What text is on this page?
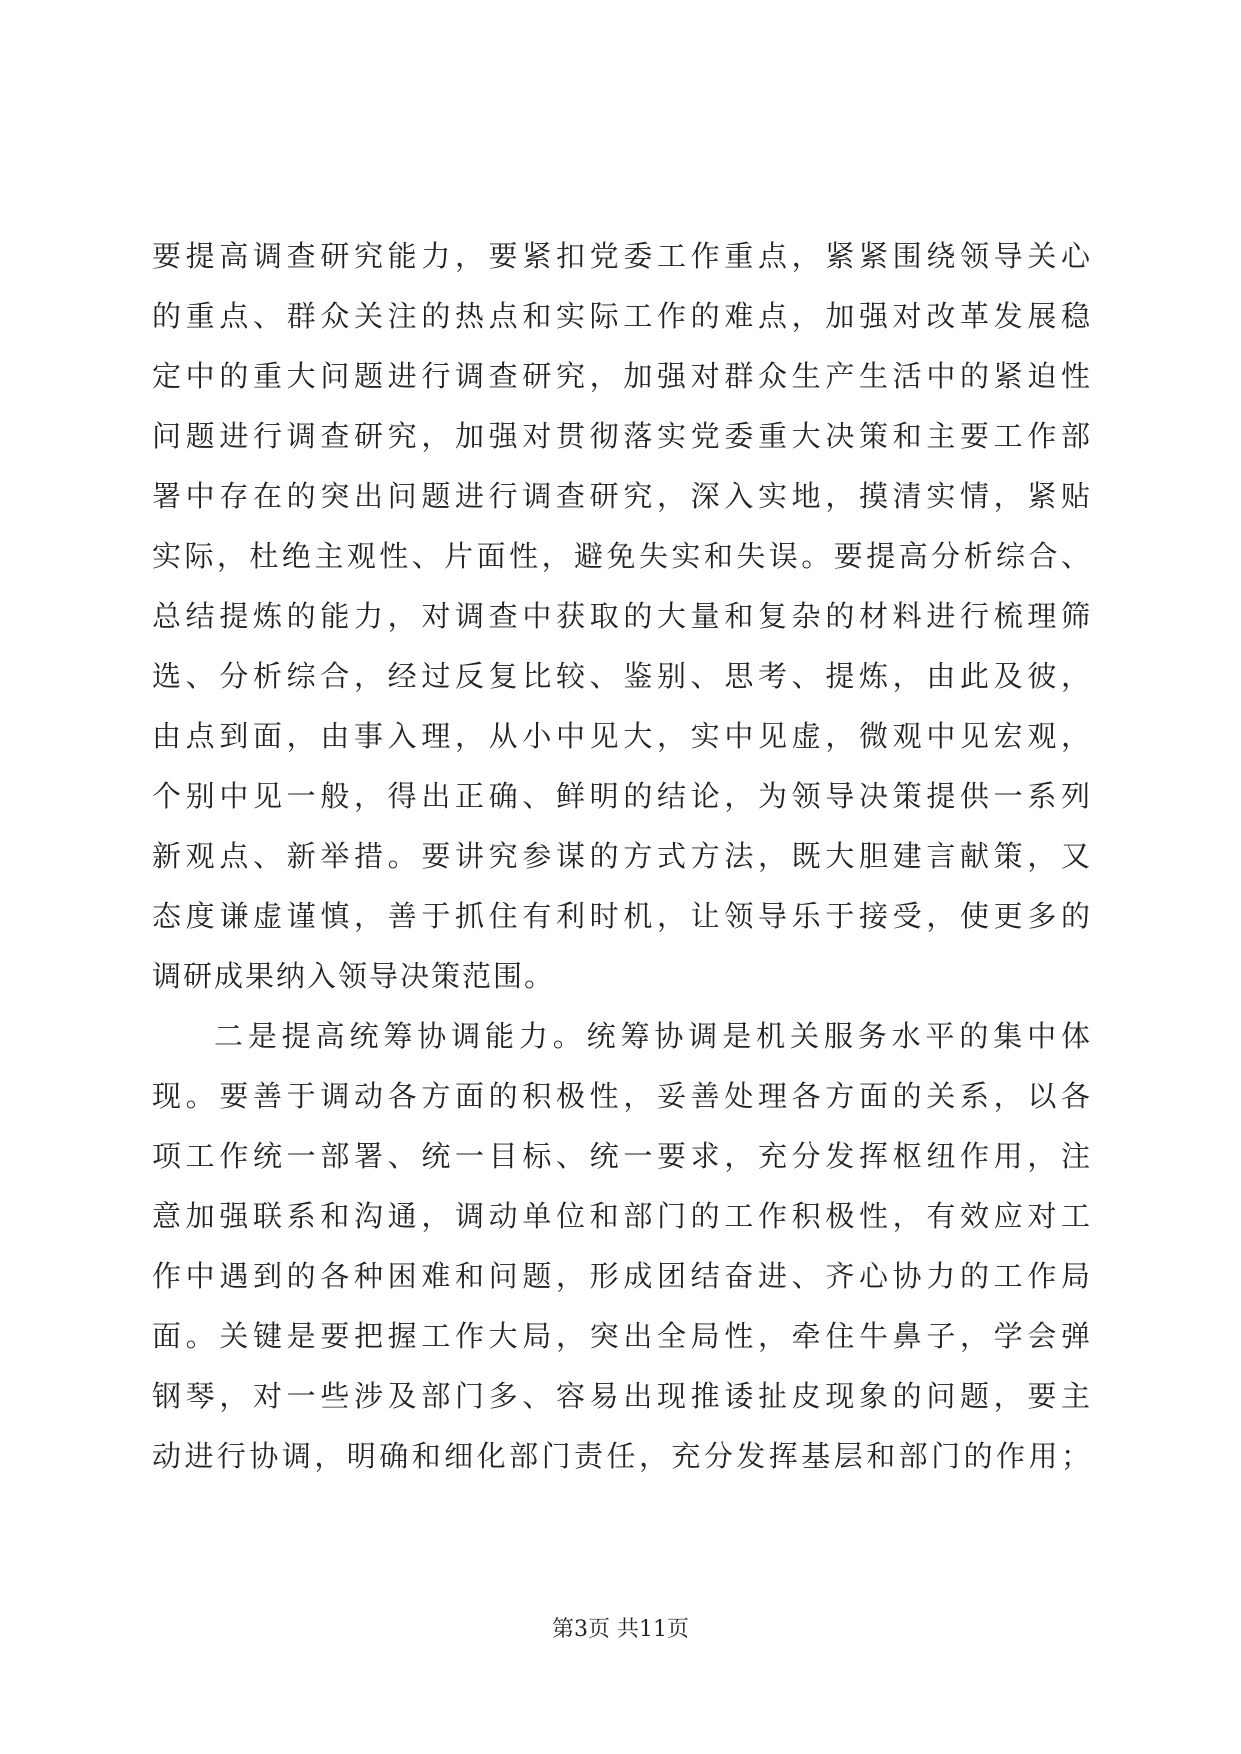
要提高调查研究能力，要紧扣党委工作重点，紧紧围绕领导关心
的重点、群众关注的热点和实际工作的难点，加强对改革发展稳
定中的重大问题进行调查研究，加强对群众生产生活中的紧迫性
问题进行调查研究，加强对贯彻落实党委重大决策和主要工作部
署中存在的突出问题进行调查研究，深入实地，摸清实情，紧贴
实际，杜绝主观性、片面性，避免失实和失误。要提高分析综合、
总结提炼的能力，对调查中获取的大量和复杂的材料进行梳理筛
选、分析综合，经过反复比较、鉴别、思考、提炼，由此及彼，
由点到面，由事入理，从小中见大，实中见虚，微观中见宏观，
个别中见一般，得出正确、鲜明的结论，为领导决策提供一系列
新观点、新举措。要讲究参谋的方式方法，既大胆建言献策，又
态度谦虚谨慎，善于抓住有利时机，让领导乐于接受，使更多的
调研成果纳入领导决策范围。
二是提高统筹协调能力。统筹协调是机关服务水平的集中体
现。要善于调动各方面的积极性，妥善处理各方面的关系，以各
项工作统一部署、统一目标、统一要求，充分发挥枢纽作用，注
意加强联系和沟通，调动单位和部门的工作积极性，有效应对工
作中遇到的各种困难和问题，形成团结奋进、齐心协力的工作局
面。关键是要把握工作大局，突出全局性，牵住牛鼻子，学会弹
钢琴，对一些涉及部门多、容易出现推诿扯皮现象的问题，要主
动进行协调，明确和细化部门责任，充分发挥基层和部门的作用；
第3页 共11页
